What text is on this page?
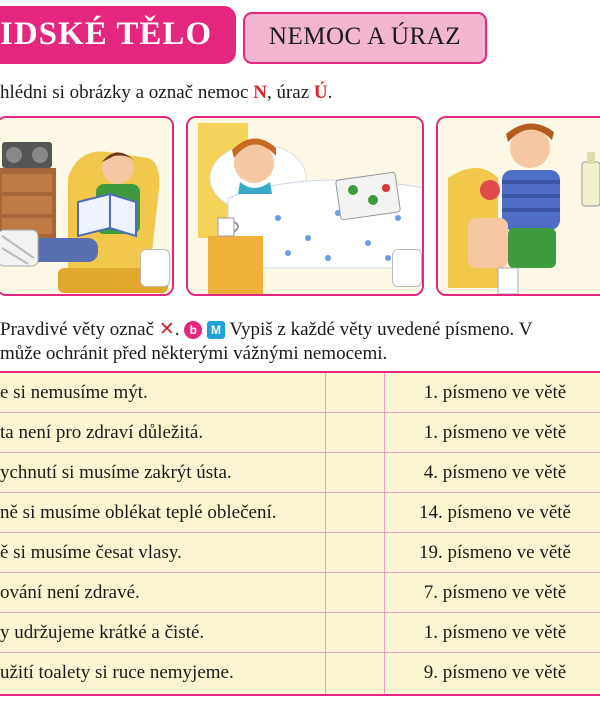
IDSKÉ TĚLO	NEMOC A ÚRAZ
hlédni si obrázky a označ nemoc N, úraz Ú.
Pravdivé věty označ ✕. b M Vypiš z každé věty uvedené písmeno. V
může ochránit před některými vážnými nemocemi.
e si nemusíme mýt.	1. písmeno ve větě
ta není pro zdraví důležitá.	1. písmeno ve větě
ychnutí si musíme zakrýt ústa.	4. písmeno ve větě
ně si musíme oblékat teplé oblečení.	14. písmeno ve větě
ě si musíme česat vlasy.	19. písmeno ve větě
ování není zdravé.	7. písmeno ve větě
y udržujeme krátké a čisté.	1. písmeno ve větě
užití toalety si ruce nemyjeme.	9. písmeno ve větě
